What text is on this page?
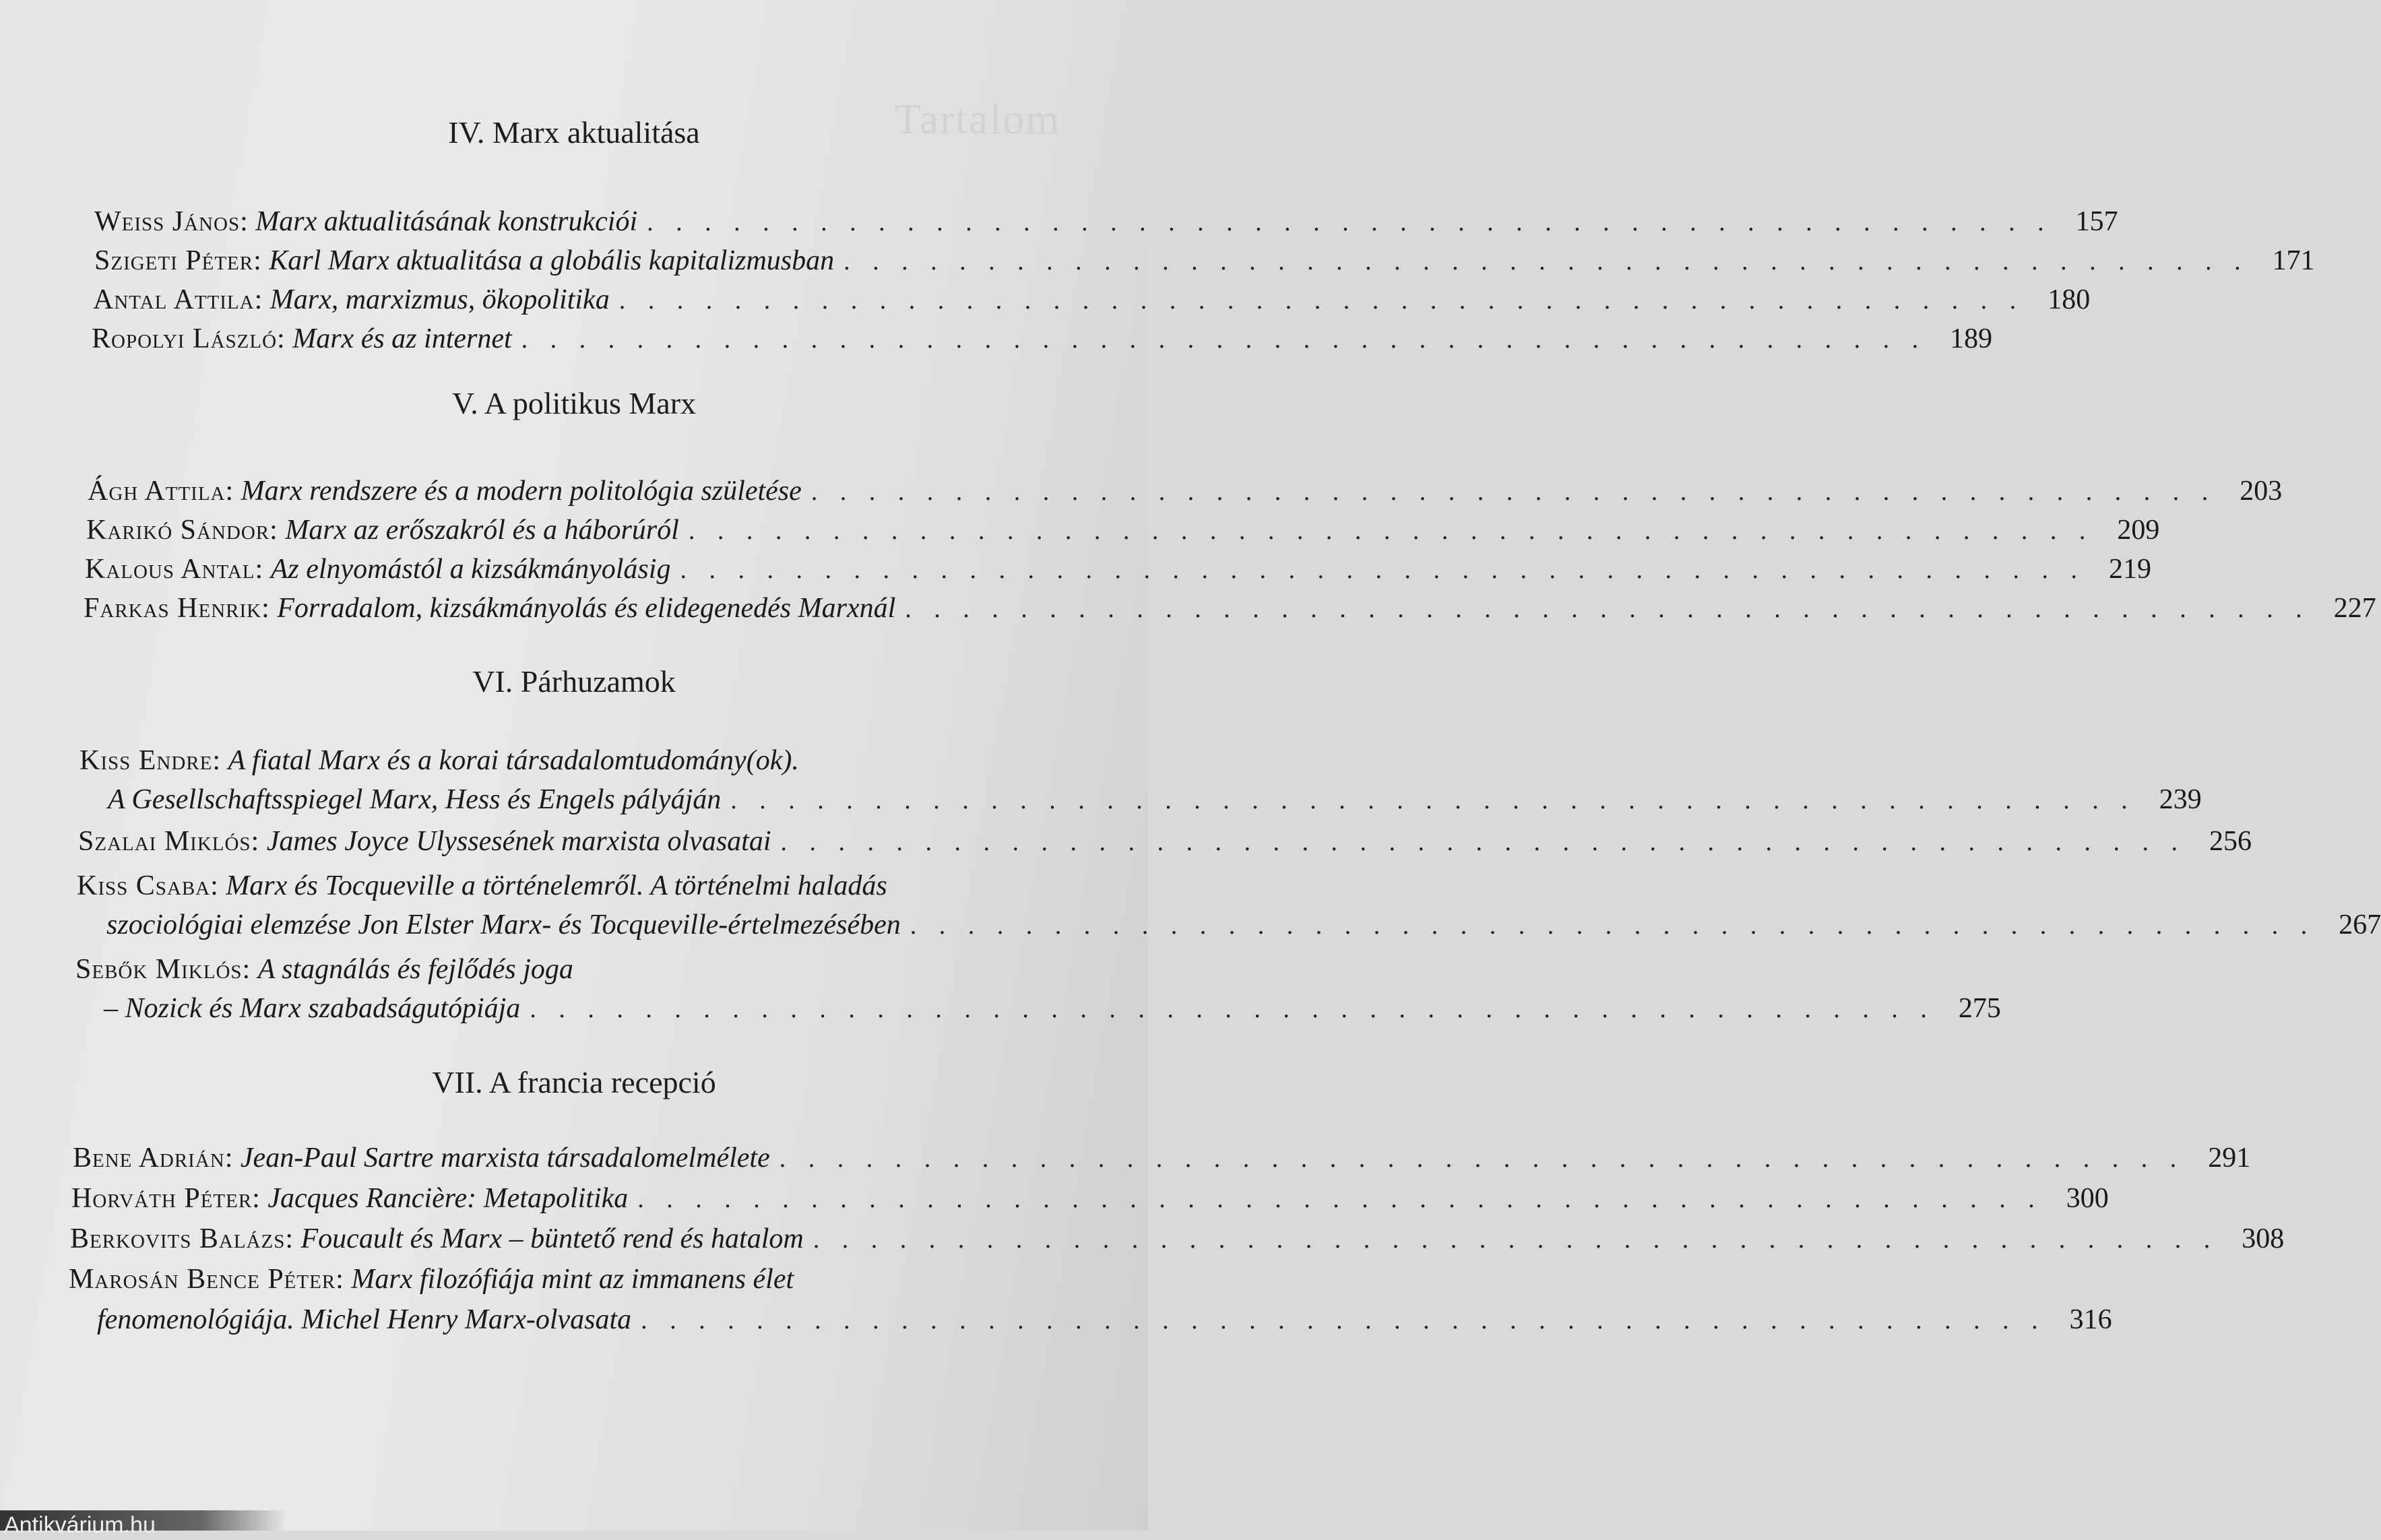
Tartalom
IV. Marx aktualitása
Weiss János:
Marx aktualitásának konstrukciói . . . . . . . . . . . . . . . . . . . . . . . . . . . . . . . . . . . . . . . . . . . . . . . . . 157
Szigeti Péter:
Karl Marx aktualitása a globális kapitalizmusban . . . . . . . . . . . . . . . . . . . . . . . . . . . . . . . . . . . . . . . . . . . . . . . . . 171
Antal Attila:
Marx, marxizmus, ökopolitika . . . . . . . . . . . . . . . . . . . . . . . . . . . . . . . . . . . . . . . . . . . . . . . . . 180
Ropolyi László:
Marx és az internet . . . . . . . . . . . . . . . . . . . . . . . . . . . . . . . . . . . . . . . . . . . . . . . . . 189
V. A politikus Marx
Ágh Attila:
Marx rendszere és a modern politológia születése . . . . . . . . . . . . . . . . . . . . . . . . . . . . . . . . . . . . . . . . . . . . . . . . . 203
Karikó Sándor:
Marx az erőszakról és a háborúról . . . . . . . . . . . . . . . . . . . . . . . . . . . . . . . . . . . . . . . . . . . . . . . . . 209
Kalous Antal:
Az elnyomástól a kizsákmányolásig . . . . . . . . . . . . . . . . . . . . . . . . . . . . . . . . . . . . . . . . . . . . . . . . . 219
Farkas Henrik:
Forradalom, kizsákmányolás és elidegenedés Marxnál . . . . . . . . . . . . . . . . . . . . . . . . . . . . . . . . . . . . . . . . . . . . . . . . . 227
VI. Párhuzamok
Kiss Endre:
A fiatal Marx és a korai társadalomtudomány(ok).
A Gesellschaftsspiegel Marx, Hess és Engels pályáján . . . . . . . . . . . . . . . . . . . . . . . . . . . . . . . . . . . . . . . . . . . . . . . . . 239
Szalai Miklós:
James Joyce Ulyssesének marxista olvasatai . . . . . . . . . . . . . . . . . . . . . . . . . . . . . . . . . . . . . . . . . . . . . . . . . 256
Kiss Csaba:
Marx és Tocqueville a történelemről. A történelmi haladás
szociológiai elemzése Jon Elster Marx- és Tocqueville-értelmezésében . . . . . . . . . . . . . . . . . . . . . . . . . . . . . . . . . . . . . . . . . . . . . . . . . 267
Sebők Miklós:
A stagnálás és fejlődés joga
– Nozick és Marx szabadságutópiája . . . . . . . . . . . . . . . . . . . . . . . . . . . . . . . . . . . . . . . . . . . . . . . . . 275
VII. A francia recepció
Bene Adrián:
Jean-Paul Sartre marxista társadalomelmélete . . . . . . . . . . . . . . . . . . . . . . . . . . . . . . . . . . . . . . . . . . . . . . . . . 291
Horváth Péter:
Jacques Rancière: Metapolitika . . . . . . . . . . . . . . . . . . . . . . . . . . . . . . . . . . . . . . . . . . . . . . . . . 300
Berkovits Balázs:
Foucault és Marx – büntető rend és hatalom . . . . . . . . . . . . . . . . . . . . . . . . . . . . . . . . . . . . . . . . . . . . . . . . . 308
Marosán Bence Péter:
Marx filozófiája mint az immanens élet
fenomenológiája. Michel Henry Marx-olvasata . . . . . . . . . . . . . . . . . . . . . . . . . . . . . . . . . . . . . . . . . . . . . . . . . 316
Antikvárium.hu
